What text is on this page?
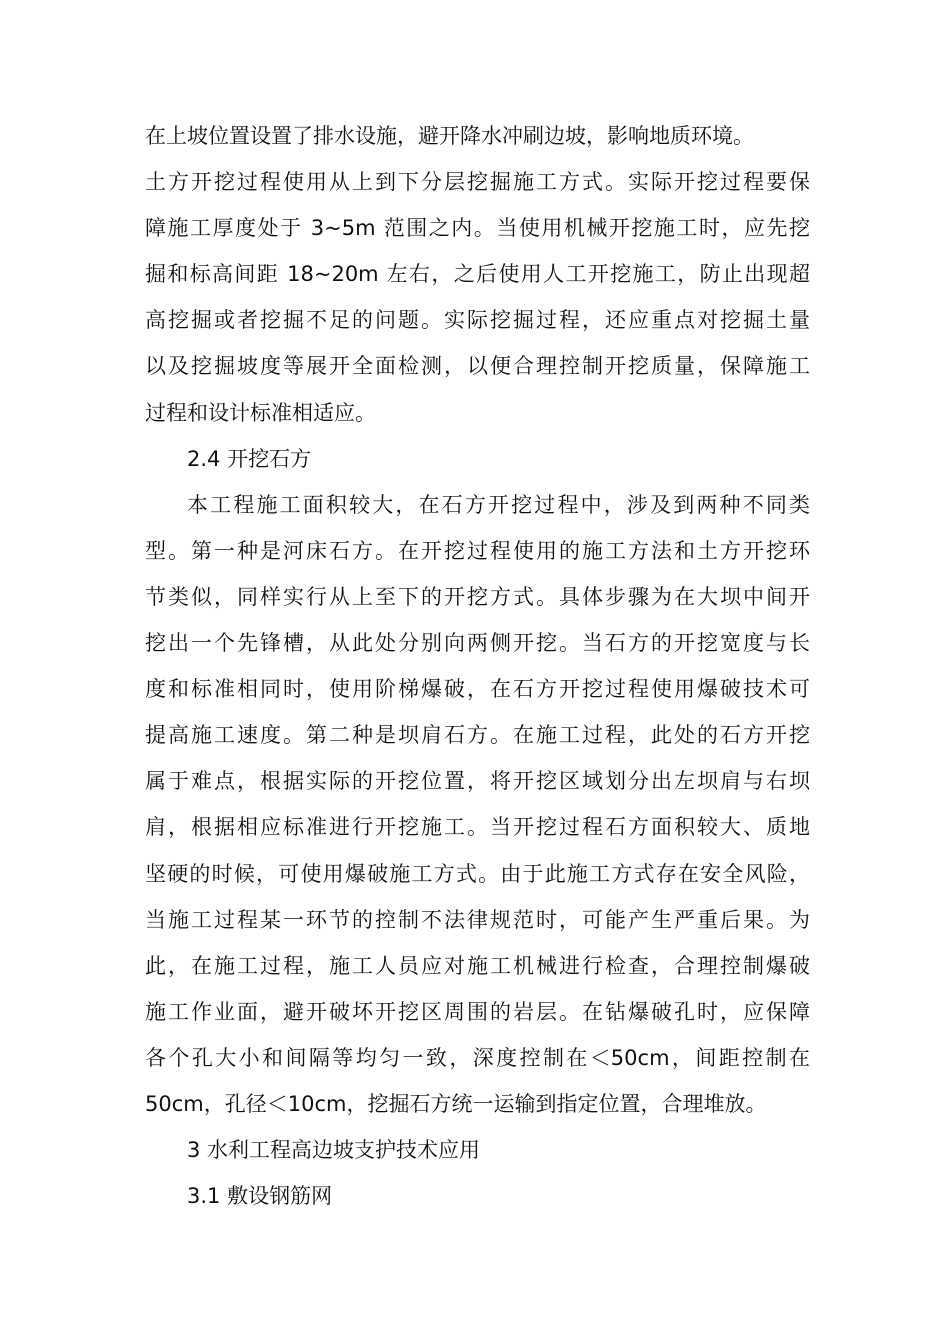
在上坡位置设置了排水设施，避开降水冲刷边坡，影响地质环境。
土方开挖过程使用从上到下分层挖掘施工方式。实际开挖过程要保
障施工厚度处于 3~5m 范围之内。当使用机械开挖施工时，应先挖
掘和标高间距 18~20m 左右，之后使用人工开挖施工，防止出现超
高挖掘或者挖掘不足的问题。实际挖掘过程，还应重点对挖掘土量
以及挖掘坡度等展开全面检测，以便合理控制开挖质量，保障施工
过程和设计标准相适应。
2.4 开挖石方
本工程施工面积较大，在石方开挖过程中，涉及到两种不同类
型。第一种是河床石方。在开挖过程使用的施工方法和土方开挖环
节类似，同样实行从上至下的开挖方式。具体步骤为在大坝中间开
挖出一个先锋槽，从此处分别向两侧开挖。当石方的开挖宽度与长
度和标准相同时，使用阶梯爆破，在石方开挖过程使用爆破技术可
提高施工速度。第二种是坝肩石方。在施工过程，此处的石方开挖
属于难点，根据实际的开挖位置，将开挖区域划分出左坝肩与右坝
肩，根据相应标准进行开挖施工。当开挖过程石方面积较大、质地
坚硬的时候，可使用爆破施工方式。由于此施工方式存在安全风险，
当施工过程某一环节的控制不法律规范时，可能产生严重后果。为
此，在施工过程，施工人员应对施工机械进行检查，合理控制爆破
施工作业面，避开破坏开挖区周围的岩层。在钻爆破孔时，应保障
各个孔大小和间隔等均匀一致，深度控制在＜50cm，间距控制在
50cm，孔径＜10cm，挖掘石方统一运输到指定位置，合理堆放。
3 水利工程高边坡支护技术应用
3.1 敷设钢筋网
